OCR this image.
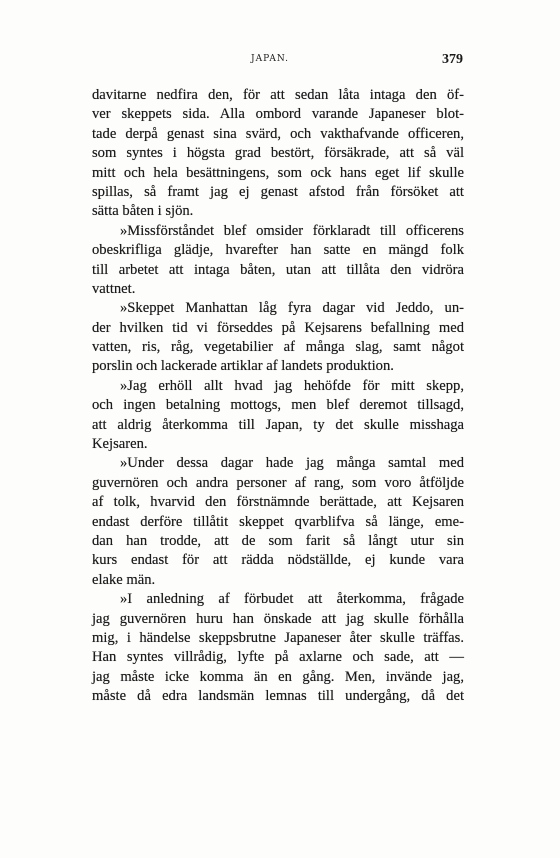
JAPAN.	379
davitarne nedfira den, för att sedan låta intaga den öf-
ver skeppets sida. Alla ombord varande Japaneser blot-
tade derpå genast sina svärd, och vakthafvande officeren,
som syntes i högsta grad bestört, försäkrade, att så väl
mitt och hela besättningens, som ock hans eget lif skulle
spillas, så framt jag ej genast afstod från försöket att
sätta båten i sjön.
»Missförståndet blef omsider förklaradt till officerens
obeskrifliga glädje, hvarefter han satte en mängd folk
till arbetet att intaga båten, utan att tillåta den vidröra
vattnet.
»Skeppet Manhattan låg fyra dagar vid Jeddo, un-
der hvilken tid vi förseddes på Kejsarens befallning med
vatten, ris, råg, vegetabilier af många slag, samt något
porslin och lackerade artiklar af landets produktion.
»Jag erhöll allt hvad jag hehöfde för mitt skepp,
och ingen betalning mottogs, men blef deremot tillsagd,
att aldrig återkomma till Japan, ty det skulle misshaga
Kejsaren.
»Under dessa dagar hade jag många samtal med
guvernören och andra personer af rang, som voro åtföljde
af tolk, hvarvid den förstnämnde berättade, att Kejsaren
endast derföre tillåtit skeppet qvarblifva så länge, eme-
dan han trodde, att de som farit så långt utur sin
kurs endast för att rädda nödställde, ej kunde vara
elake män.
»I anledning af förbudet att återkomma, frågade
jag guvernören huru han önskade att jag skulle förhålla
mig, i händelse skeppsbrutne Japaneser åter skulle träffas.
Han syntes villrådig, lyfte på axlarne och sade, att —
jag måste icke komma än en gång. Men, invände jag,
måste då edra landsmän lemnas till undergång, då det
